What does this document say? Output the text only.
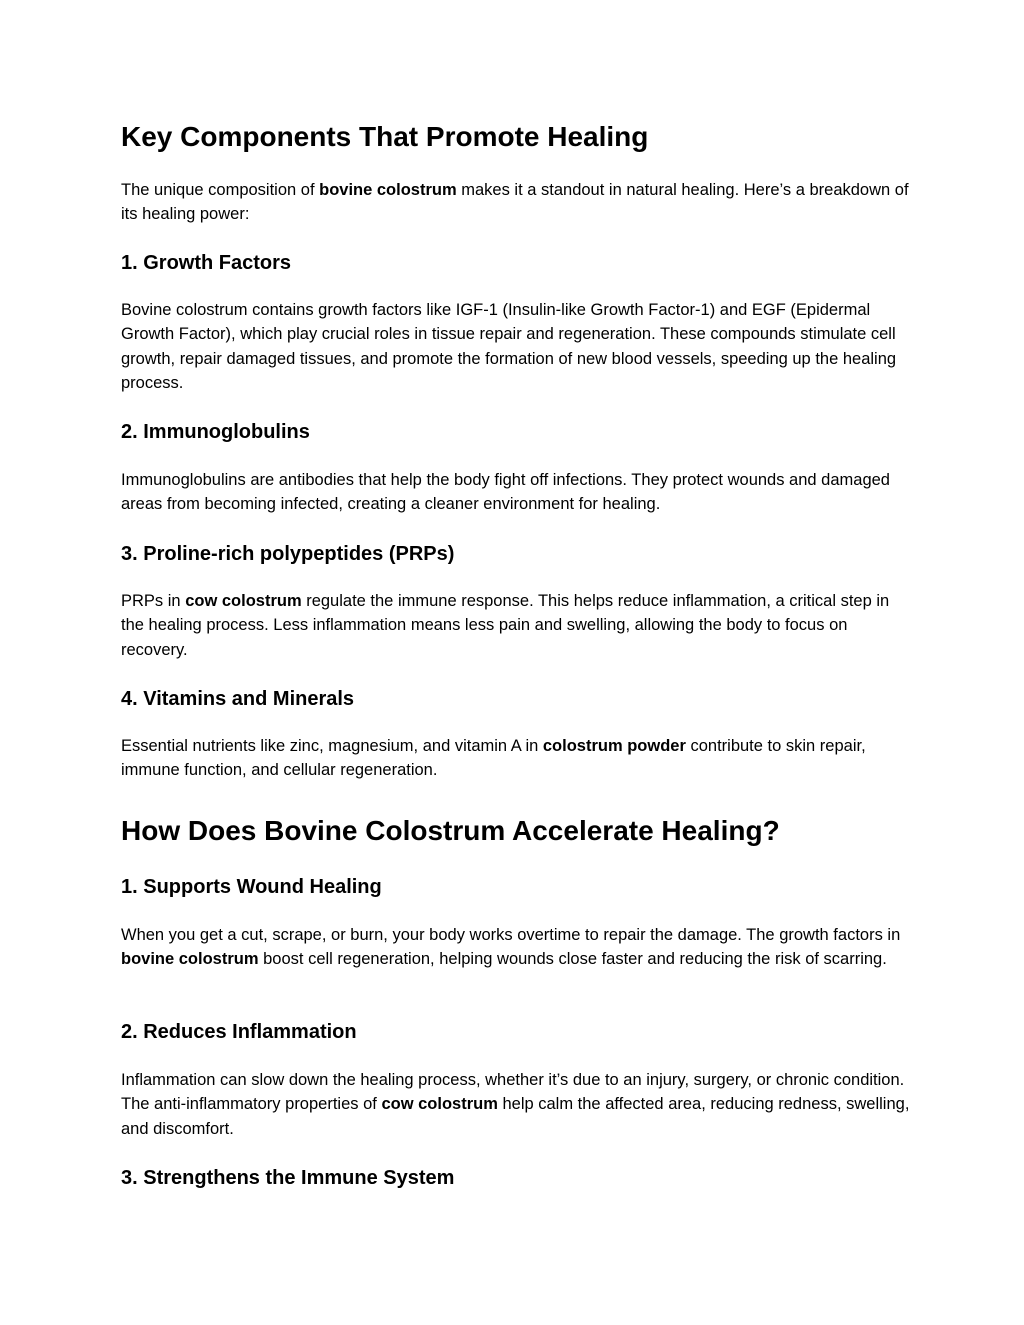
Key Components That Promote Healing

The unique composition of bovine colostrum makes it a standout in natural healing. Here’s a breakdown of its healing power:

1. Growth Factors

Bovine colostrum contains growth factors like IGF-1 (Insulin-like Growth Factor-1) and EGF (Epidermal Growth Factor), which play crucial roles in tissue repair and regeneration. These compounds stimulate cell growth, repair damaged tissues, and promote the formation of new blood vessels, speeding up the healing process.

2. Immunoglobulins

Immunoglobulins are antibodies that help the body fight off infections. They protect wounds and damaged areas from becoming infected, creating a cleaner environment for healing.

3. Proline-rich polypeptides (PRPs)

PRPs in cow colostrum regulate the immune response. This helps reduce inflammation, a critical step in the healing process. Less inflammation means less pain and swelling, allowing the body to focus on recovery.

4. Vitamins and Minerals

Essential nutrients like zinc, magnesium, and vitamin A in colostrum powder contribute to skin repair, immune function, and cellular regeneration.

How Does Bovine Colostrum Accelerate Healing?
1. Supports Wound Healing

When you get a cut, scrape, or burn, your body works overtime to repair the damage. The growth factors in bovine colostrum boost cell regeneration, helping wounds close faster and reducing the risk of scarring.

2. Reduces Inflammation

Inflammation can slow down the healing process, whether it’s due to an injury, surgery, or chronic condition. The anti-inflammatory properties of cow colostrum help calm the affected area, reducing redness, swelling, and discomfort.

3. Strengthens the Immune System
